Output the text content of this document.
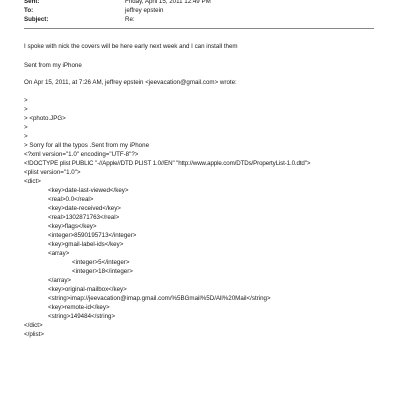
Sent:	Friday, April 15, 2011 12:49 PM
To:	jeffrey epstein
Subject:	Re:
I spoke with nick the covers will be here early next week and I can install them
Sent from my iPhone
On Apr 15, 2011, at 7:26 AM, jeffrey epstein <jeevacation@gmail.com> wrote:
>
>
> <photo.JPG>
>
>
> Sorry for all the typos .Sent from my iPhone
<?xml version="1.0" encoding="UTF-8"?>
<!DOCTYPE plist PUBLIC "-//Apple//DTD PLIST 1.0//EN" "http://www.apple.com/DTDs/PropertyList-1.0.dtd">
<plist version="1.0">
<dict>
<key>date-last-viewed</key>
<real>0.0</real>
<key>date-received</key>
<real>1302871763</real>
<key>flags</key>
<integer>8590195713</integer>
<key>gmail-label-ids</key>
<array>
<integer>5</integer>
<integer>18</integer>
</array>
<key>original-mailbox</key>
<string>imap://jeevacation@imap.gmail.com/%5BGmail%5D/All%20Mail</string>
<key>remote-id</key>
<string>149484</string>
</dict>
</plist>
